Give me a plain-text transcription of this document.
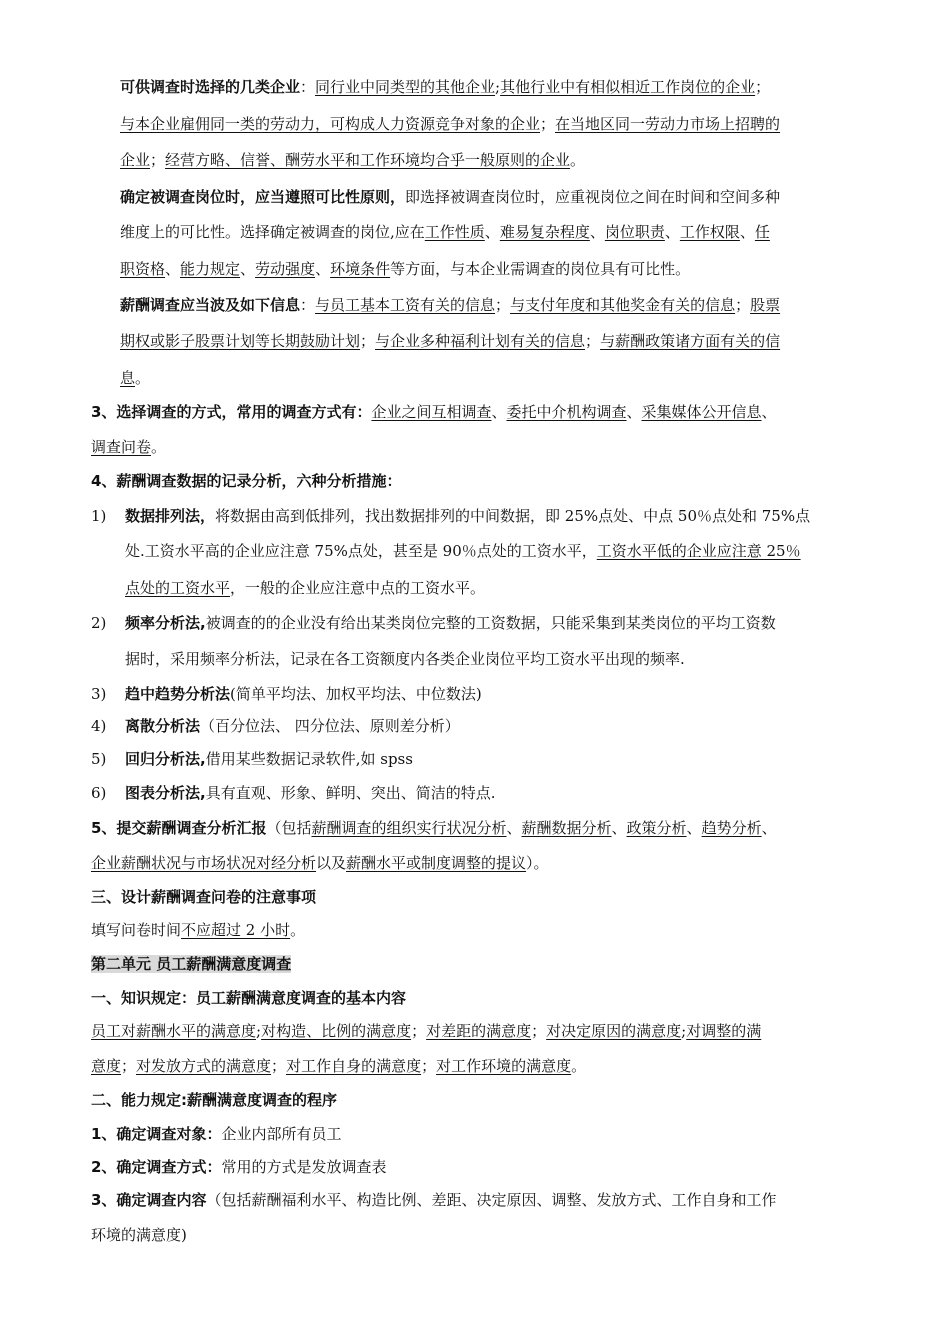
可供调查时选择的几类企业：同行业中同类型的其他企业;其他行业中有相似相近工作岗位的企业；
与本企业雇佣同一类的劳动力，可构成人力资源竞争对象的企业；在当地区同一劳动力市场上招聘的
企业；经营方略、信誉、酬劳水平和工作环境均合乎一般原则的企业。
确定被调查岗位时，应当遵照可比性原则，即选择被调查岗位时，应重视岗位之间在时间和空间多种
维度上的可比性。选择确定被调查的岗位,应在工作性质、难易复杂程度、岗位职责、工作权限、任
职资格、能力规定、劳动强度、环境条件等方面，与本企业需调查的岗位具有可比性。
薪酬调查应当波及如下信息：与员工基本工资有关的信息；与支付年度和其他奖金有关的信息；股票
期权或影子股票计划等长期鼓励计划；与企业多种福利计划有关的信息；与薪酬政策诸方面有关的信
息。
3、选择调查的方式，常用的调查方式有：企业之间互相调查、委托中介机构调查、采集媒体公开信息、
调查问卷。
4、薪酬调查数据的记录分析，六种分析措施：
1) 数据排列法，将数据由高到低排列，找出数据排列的中间数据，即 25%点处、中点 50％点处和 75%点
处.工资水平高的企业应注意 75%点处，甚至是 90％点处的工资水平，工资水平低的企业应注意 25％
点处的工资水平，一般的企业应注意中点的工资水平。
2) 频率分析法,被调查的的企业没有给出某类岗位完整的工资数据，只能采集到某类岗位的平均工资数
据时，采用频率分析法，记录在各工资额度内各类企业岗位平均工资水平出现的频率.
3) 趋中趋势分析法(简单平均法、加权平均法、中位数法)
4) 离散分析法（百分位法、 四分位法、原则差分析）
5) 回归分析法,借用某些数据记录软件,如 spss
6) 图表分析法,具有直观、形象、鲜明、突出、简洁的特点.
5、提交薪酬调查分析汇报（包括薪酬调查的组织实行状况分析、薪酬数据分析、政策分析、趋势分析、
企业薪酬状况与市场状况对经分析以及薪酬水平或制度调整的提议）。
三、设计薪酬调查问卷的注意事项
填写问卷时间不应超过 2 小时。
第二单元 员工薪酬满意度调查
一、知识规定：员工薪酬满意度调查的基本内容
员工对薪酬水平的满意度;对构造、比例的满意度；对差距的满意度；对决定原因的满意度;对调整的满
意度；对发放方式的满意度；对工作自身的满意度；对工作环境的满意度。
二、能力规定:薪酬满意度调查的程序
1、确定调查对象：企业内部所有员工
2、确定调查方式：常用的方式是发放调查表
3、确定调查内容（包括薪酬福利水平、构造比例、差距、决定原因、调整、发放方式、工作自身和工作
环境的满意度)
